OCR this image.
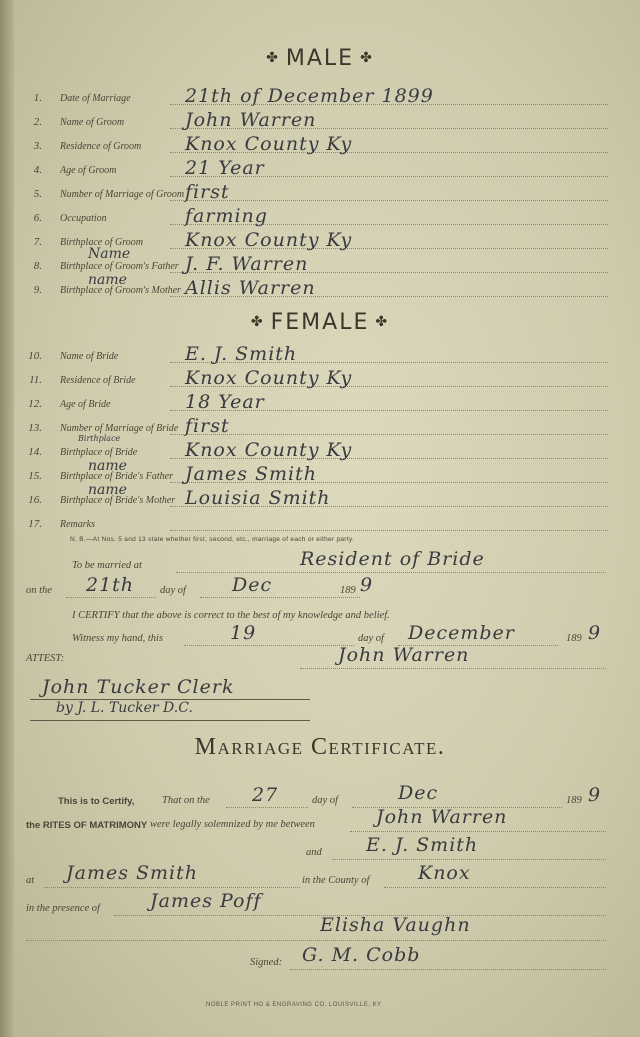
✤ MALE ✤
1. Date of Marriage	21th of December 1899
2. Name of Groom	John Warren
3. Residence of Groom Knox County Ky
4. Age of Groom	21 Year
5. Number of Marriage of Groom first
6. Occupation	farming
7. Birthplace of Groom Knox County Ky
8. Birthplace of Groom's Father J. F. Warren
9. Birthplace of Groom's Mother Allis Warren
✤ FEMALE ✤
10. Name of Bride	E. J. Smith
11. Residence of Bride	Knox County Ky
12. Age of Bride	18 Year
13. Number of Marriage of Bride first
14. Birthplace of Bride	Knox County Ky
15. Birthplace of Bride's Father James Smith
16. Birthplace of Bride's Mother Louisia Smith
17. Remarks
Name
name
Birthplace
name
name
N. B.—At Nos. 5 and 13 state whether first, second, etc., marriage of each or either party.
To be married at	Resident of Bride
on the 21th day of Dec	189 9
I CERTIFY that the above is correct to the best of my knowledge and belief.
Witness my hand, this	19	day of December	189 9
ATTEST:	John Warren
John Tucker Clerk
by J. L. Tucker D.C.
Marriage Certificate.
This is to Certify,	That on the 27	day of	Dec	189 9
the RITES OF MATRIMONY were legally solemnized by me between	John Warren
and E. J. Smith
at James Smith	in the County of	Knox
in the presence of	James Poff
Elisha Vaughn
Signed: G. M. Cobb
NOBLE PRINT HO & ENGRAVING CO. LOUISVILLE, KY
